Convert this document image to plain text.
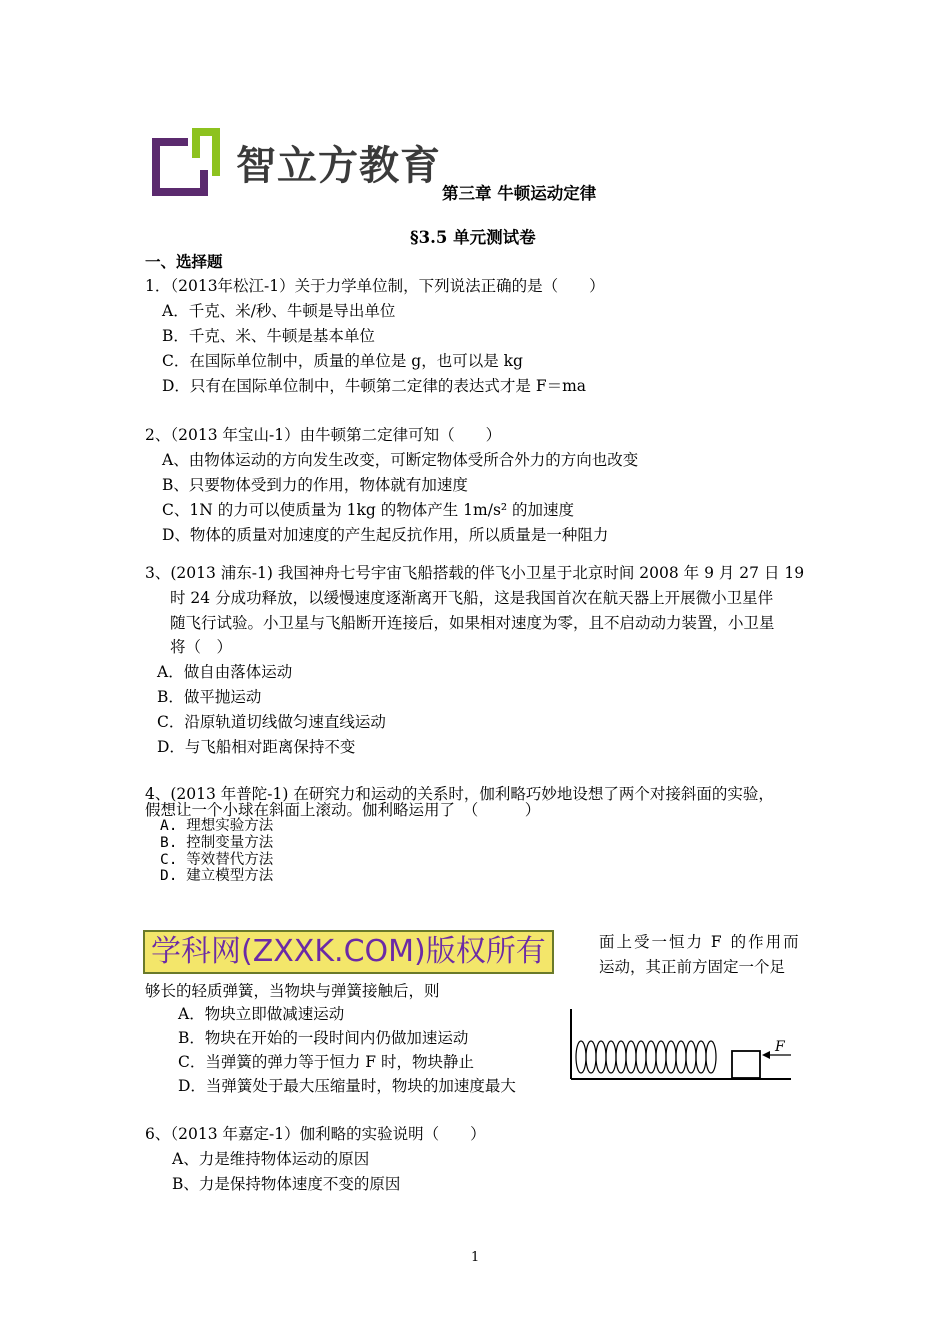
智立方教育
第三章 牛顿运动定律
§3.5 单元测试卷
一、选择题
1．（2013年松江-1）关于力学单位制，下列说法正确的是（　　）
A．千克、米/秒、牛顿是导出单位
B．千克、米、牛顿是基本单位
C．在国际单位制中，质量的单位是 g，也可以是 kg
D．只有在国际单位制中，牛顿第二定律的表达式才是 F＝ma
2、（2013 年宝山-1）由牛顿第二定律可知（　　）
A、由物体运动的方向发生改变，可断定物体受所合外力的方向也改变
B、只要物体受到力的作用，物体就有加速度
C、1N 的力可以使质量为 1kg 的物体产生 1m/s² 的加速度
D、物体的质量对加速度的产生起反抗作用，所以质量是一种阻力
3、(2013 浦东-1) 我国神舟七号宇宙飞船搭载的伴飞小卫星于北京时间 2008 年 9 月 27 日 19
时 24 分成功释放，以缓慢速度逐渐离开飞船，这是我国首次在航天器上开展微小卫星伴
随飞行试验。小卫星与飞船断开连接后，如果相对速度为零，且不启动动力装置，小卫星
将（　）
A．做自由落体运动
B．做平抛运动
C．沿原轨道切线做匀速直线运动
D．与飞船相对距离保持不变
4、(2013 年普陀-1) 在研究力和运动的关系时，伽利略巧妙地设想了两个对接斜面的实验，
假想让一个小球在斜面上滚动。伽利略运用了　（　　　）
A. 理想实验方法
B. 控制变量方法
C. 等效替代方法
D. 建立模型方法
学科网(ZXXK.COM)版权所有	面上受一恒力 F 的作用而
运动，其正前方固定一个足
够长的轻质弹簧，当物块与弹簧接触后，则
A．物块立即做减速运动
B．物块在开始的一段时间内仍做加速运动
C．当弹簧的弹力等于恒力 F 时，物块静止
D．当弹簧处于最大压缩量时，物块的加速度最大
F
6、（2013 年嘉定-1）伽利略的实验说明（　　）
A、力是维持物体运动的原因
B、力是保持物体速度不变的原因
1
